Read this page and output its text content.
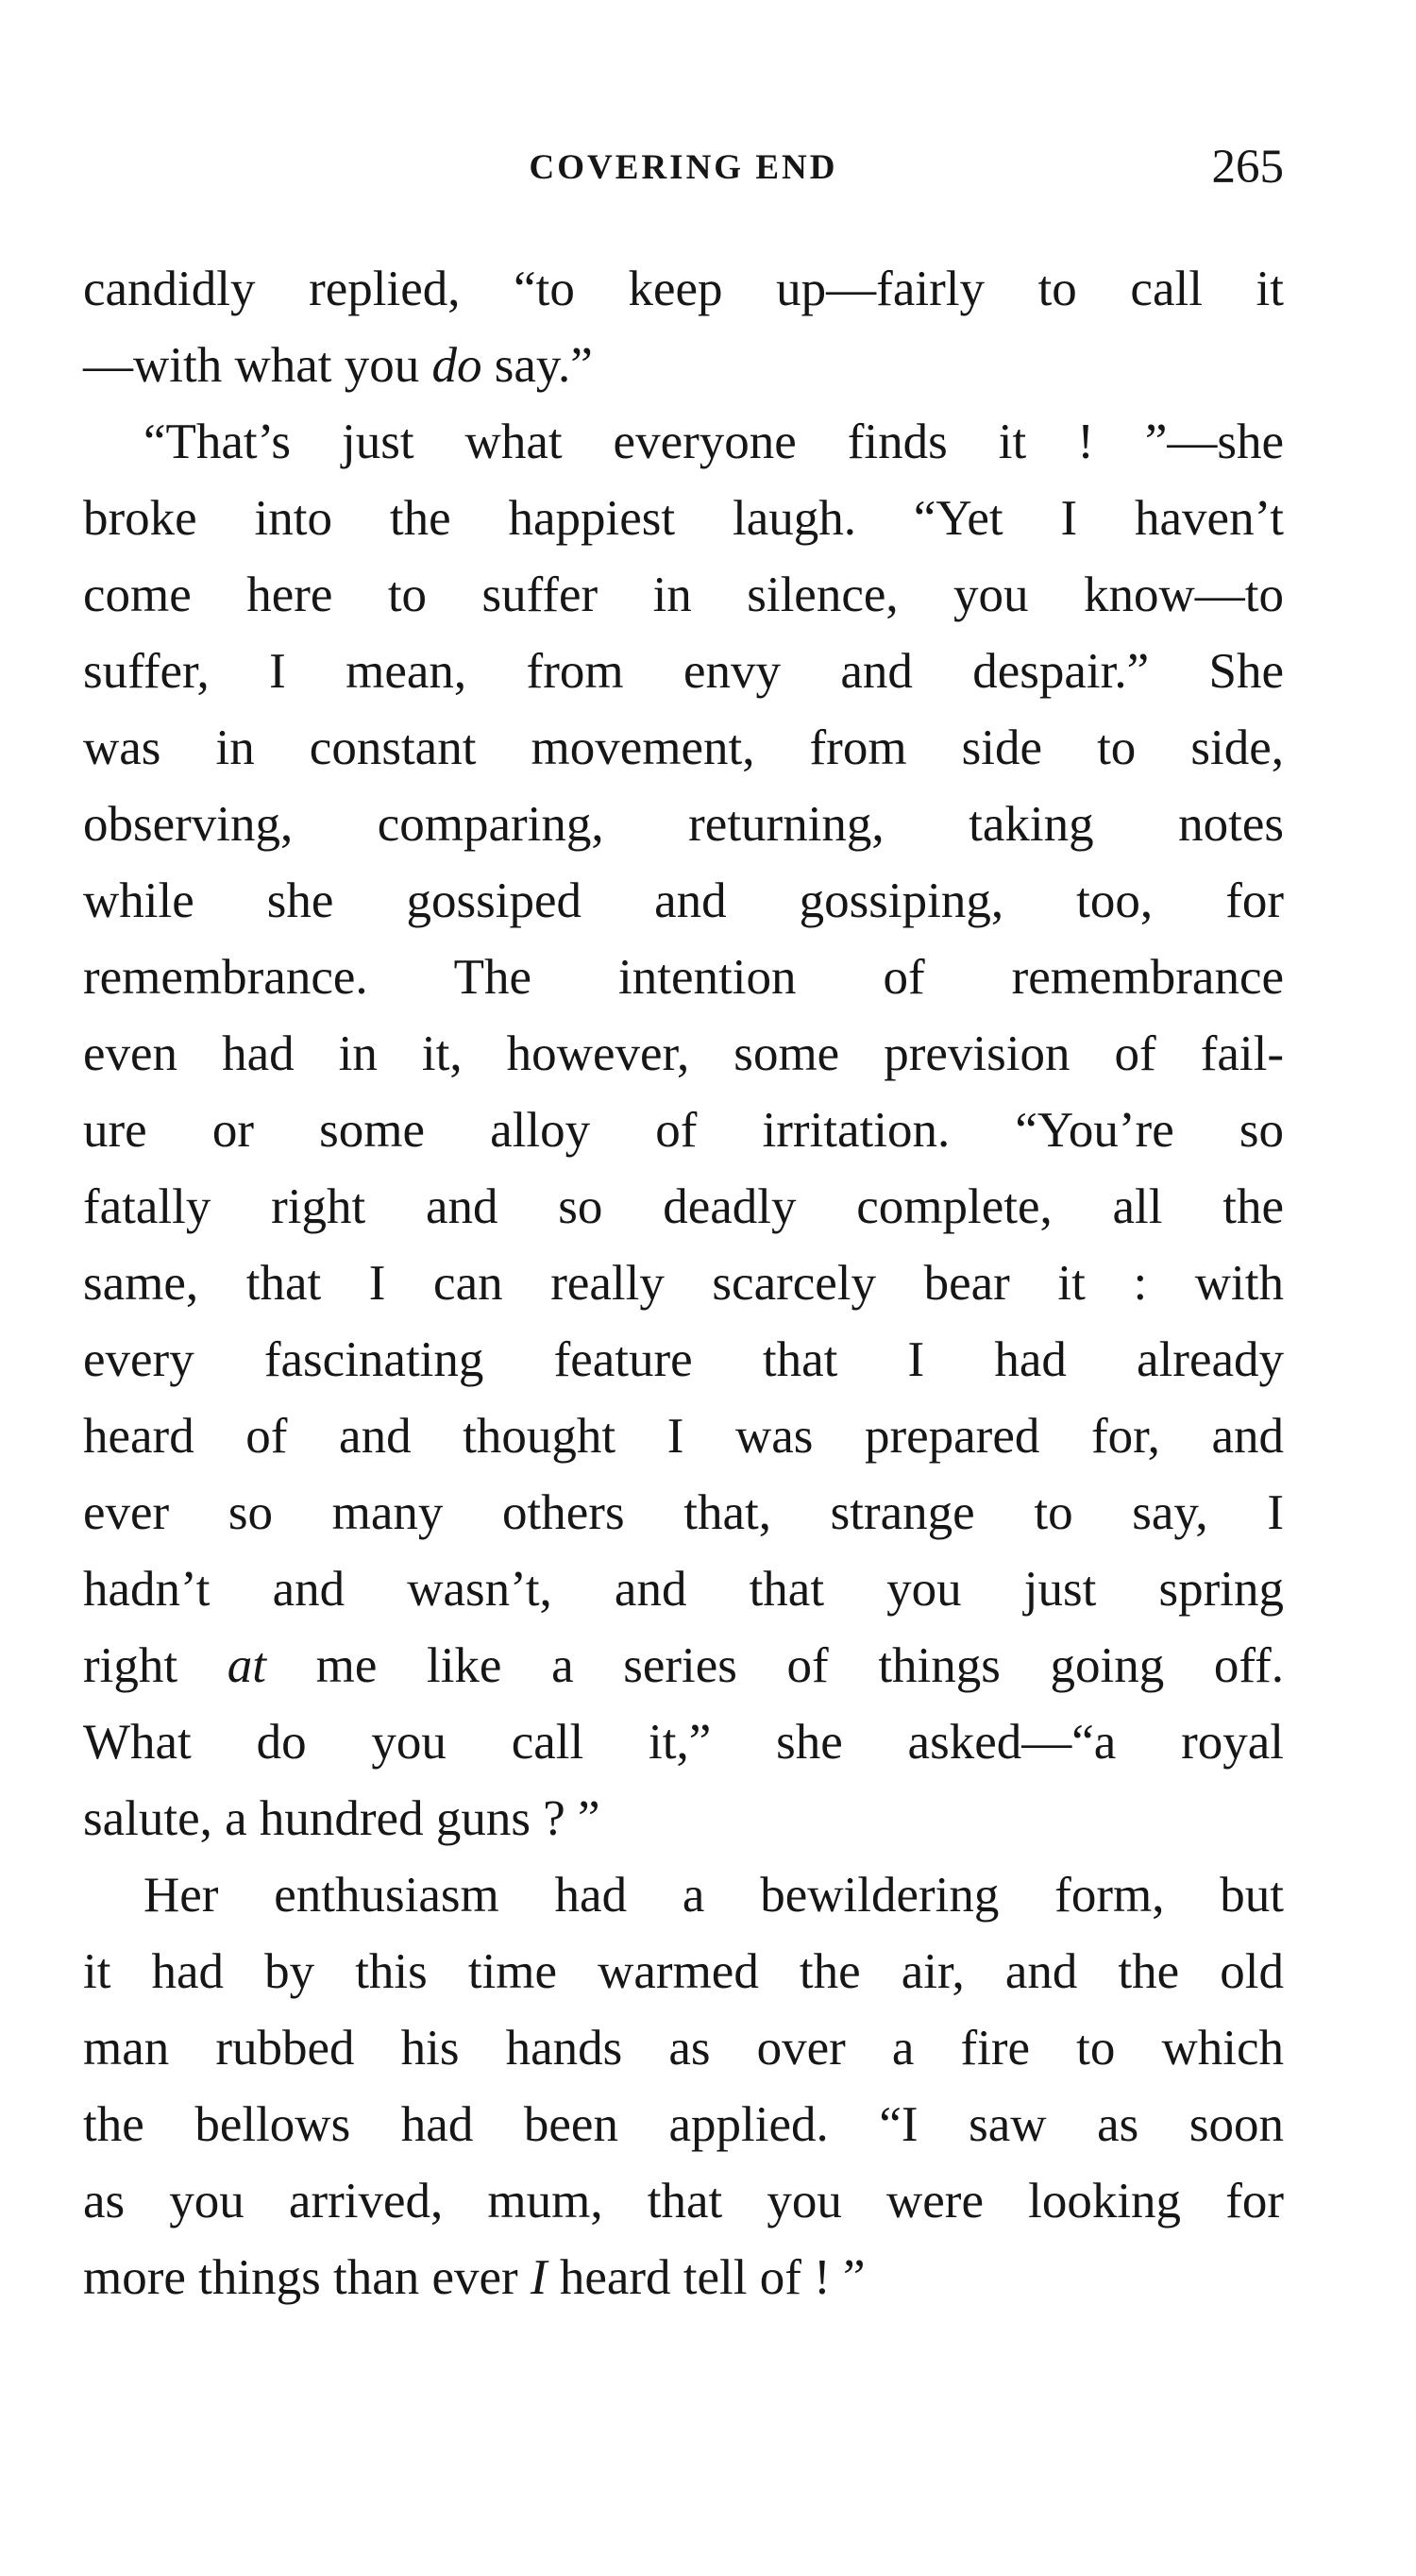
COVERING END	265
candidly replied, “to keep up—fairly to call it
—with what you do say.”
“That’s just what everyone finds it ! ”—she
broke into the happiest laugh. “Yet I haven’t
come here to suffer in silence, you know—to
suffer, I mean, from envy and despair.” She
was in constant movement, from side to side,
observing, comparing, returning, taking notes
while she gossiped and gossiping, too, for
remembrance. The intention of remembrance
even had in it, however, some prevision of fail-
ure or some alloy of irritation. “You’re so
fatally right and so deadly complete, all the
same, that I can really scarcely bear it : with
every fascinating feature that I had already
heard of and thought I was prepared for, and
ever so many others that, strange to say, I
hadn’t and wasn’t, and that you just spring
right at me like a series of things going off.
What do you call it,” she asked—“a royal
salute, a hundred guns ? ”
Her enthusiasm had a bewildering form, but
it had by this time warmed the air, and the old
man rubbed his hands as over a fire to which
the bellows had been applied. “I saw as soon
as you arrived, mum, that you were looking for
more things than ever I heard tell of ! ”
